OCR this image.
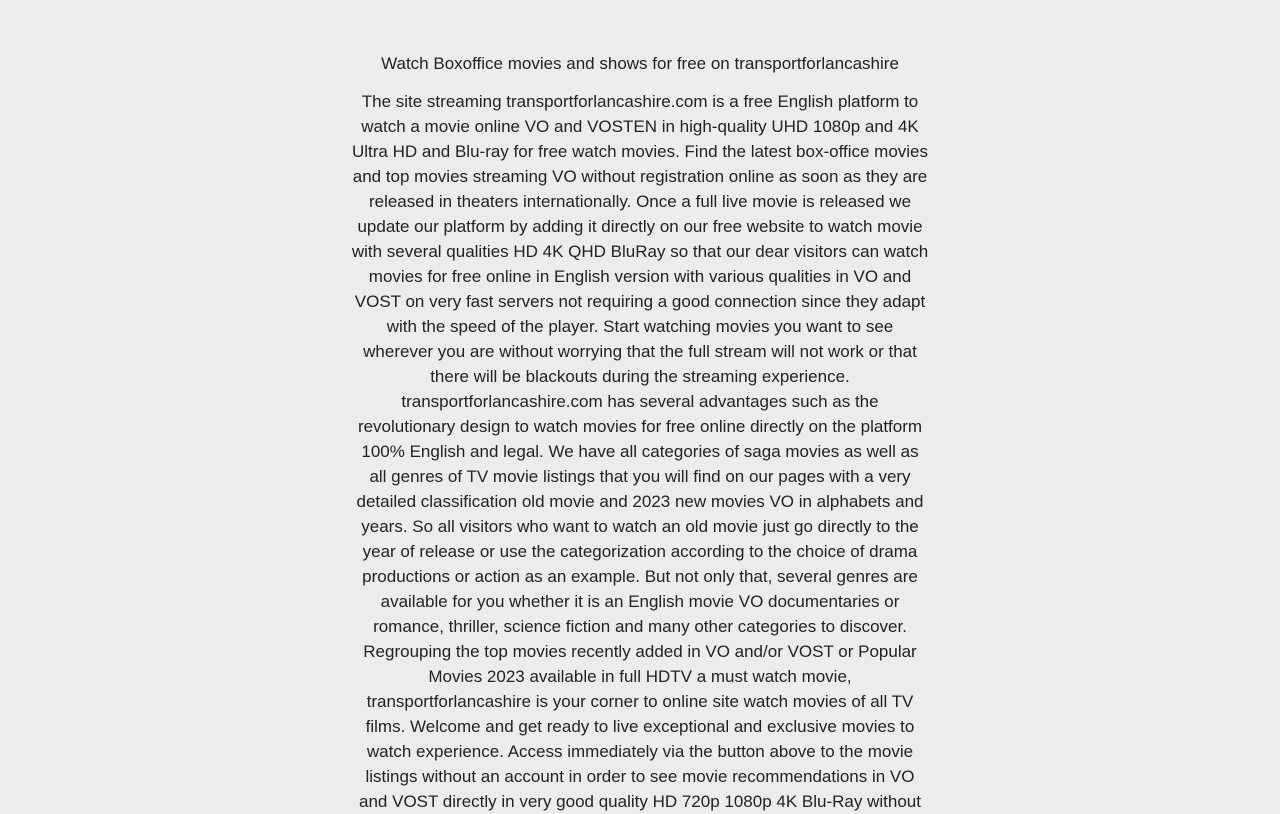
Watch Boxoffice movies and shows for free on transportforlancashire

The site streaming transportforlancashire.com is a free English platform to
watch a movie online VO and VOSTEN in high-quality UHD 1080p and 4K
Ultra HD and Blu-ray for free watch movies. Find the latest box-office movies
and top movies streaming VO without registration online as soon as they are
released in theaters internationally. Once a full live movie is released we
update our platform by adding it directly on our free website to watch movie
with several qualities HD 4K QHD BluRay so that our dear visitors can watch
movies for free online in English version with various qualities in VO and
VOST on very fast servers not requiring a good connection since they adapt
with the speed of the player. Start watching movies you want to see
wherever you are without worrying that the full stream will not work or that
there will be blackouts during the streaming experience.
transportforlancashire.com has several advantages such as the
revolutionary design to watch movies for free online directly on the platform
100% English and legal. We have all categories of saga movies as well as
all genres of TV movie listings that you will find on our pages with a very
detailed classification old movie and 2023 new movies VO in alphabets and
years. So all visitors who want to watch an old movie just go directly to the
year of release or use the categorization according to the choice of drama
productions or action as an example. But not only that, several genres are
available for you whether it is an English movie VO documentaries or
romance, thriller, science fiction and many other categories to discover.
Regrouping the top movies recently added in VO and/or VOST or Popular
Movies 2023 available in full HDTV a must watch movie,
transportforlancashire is your corner to online site watch movies of all TV
films. Welcome and get ready to live exceptional and exclusive movies to
watch experience. Access immediately via the button above to the movie
listings without an account in order to see movie recommendations in VO
and VOST directly in very good quality HD 720p 1080p 4K Blu-Ray without
